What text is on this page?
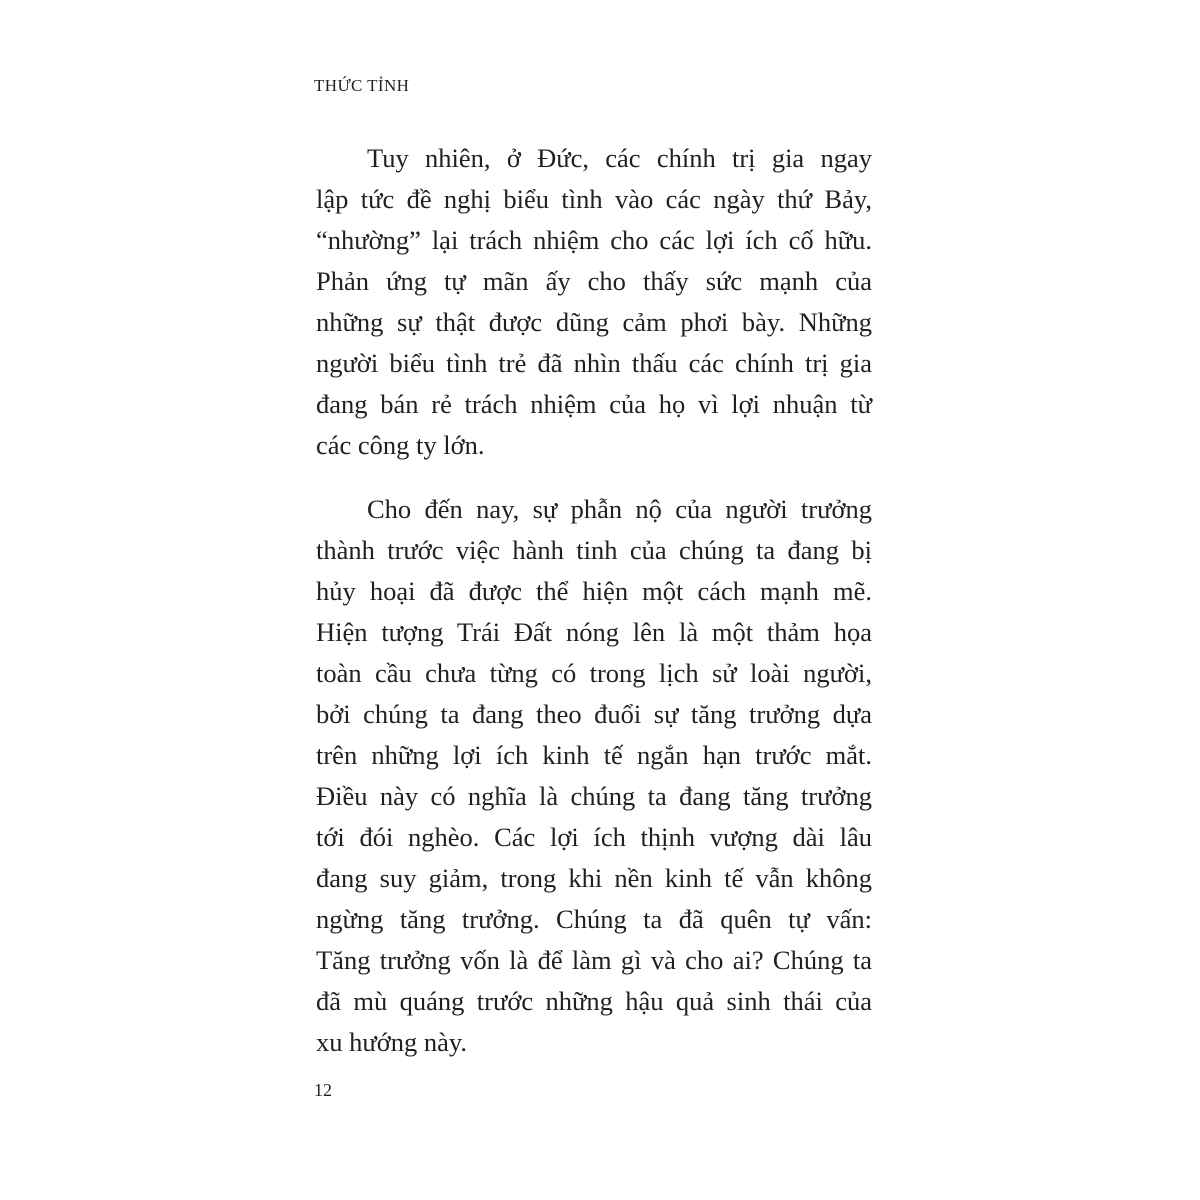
THỨC TỈNH
Tuy nhiên, ở Đức, các chính trị gia ngay
lập tức đề nghị biểu tình vào các ngày thứ Bảy,
“nhường” lại trách nhiệm cho các lợi ích cố hữu.
Phản ứng tự mãn ấy cho thấy sức mạnh của
những sự thật được dũng cảm phơi bày. Những
người biểu tình trẻ đã nhìn thấu các chính trị gia
đang bán rẻ trách nhiệm của họ vì lợi nhuận từ
các công ty lớn.
Cho đến nay, sự phẫn nộ của người trưởng
thành trước việc hành tinh của chúng ta đang bị
hủy hoại đã được thể hiện một cách mạnh mẽ.
Hiện tượng Trái Đất nóng lên là một thảm họa
toàn cầu chưa từng có trong lịch sử loài người,
bởi chúng ta đang theo đuổi sự tăng trưởng dựa
trên những lợi ích kinh tế ngắn hạn trước mắt.
Điều này có nghĩa là chúng ta đang tăng trưởng
tới đói nghèo. Các lợi ích thịnh vượng dài lâu
đang suy giảm, trong khi nền kinh tế vẫn không
ngừng tăng trưởng. Chúng ta đã quên tự vấn:
Tăng trưởng vốn là để làm gì và cho ai? Chúng ta
đã mù quáng trước những hậu quả sinh thái của
xu hướng này.
12
